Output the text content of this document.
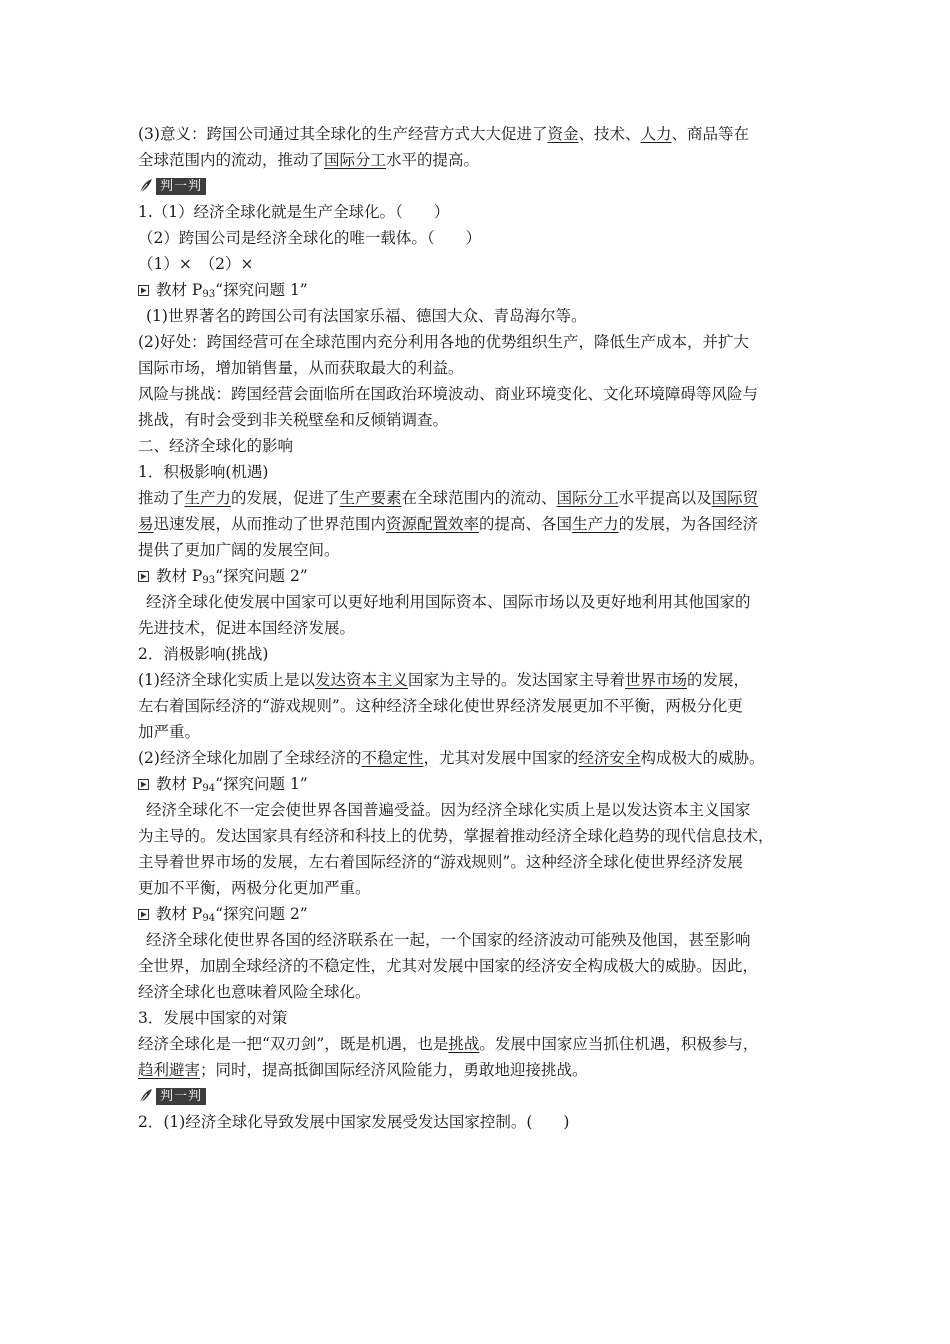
(3)意义：跨国公司通过其全球化的生产经营方式大大促进了资金、技术、人力、商品等在
全球范围内的流动，推动了国际分工水平的提高。
判一判
1.（1）经济全球化就是生产全球化。（　　）
（2）跨国公司是经济全球化的唯一载体。（　　）
（1）×　（2）×
教材 $P_{93}“$探究问题 1”
(1)世界著名的跨国公司有法国家乐福、德国大众、青岛海尔等。
(2)好处：跨国经营可在全球范围内充分利用各地的优势组织生产，降低生产成本，并扩大
国际市场，增加销售量，从而获取最大的利益。
风险与挑战：跨国经营会面临所在国政治环境波动、商业环境变化、文化环境障碍等风险与
挑战，有时会受到非关税壁垒和反倾销调查。
二、经济全球化的影响
1．积极影响(机遇)
推动了生产力的发展，促进了生产要素在全球范围内的流动、国际分工水平提高以及国际贸
易迅速发展，从而推动了世界范围内资源配置效率的提高、各国生产力的发展，为各国经济
提供了更加广阔的发展空间。
教材 $P_{93}“$探究问题 2”
经济全球化使发展中国家可以更好地利用国际资本、国际市场以及更好地利用其他国家的
先进技术，促进本国经济发展。
2．消极影响(挑战)
(1)经济全球化实质上是以发达资本主义国家为主导的。发达国家主导着世界市场的发展，
左右着国际经济的“游戏规则”。这种经济全球化使世界经济发展更加不平衡，两极分化更
加严重。
(2)经济全球化加剧了全球经济的不稳定性，尤其对发展中国家的经济安全构成极大的威胁。
教材 $P_{94}“$探究问题 1”
经济全球化不一定会使世界各国普遍受益。因为经济全球化实质上是以发达资本主义国家
为主导的。发达国家具有经济和科技上的优势，掌握着推动经济全球化趋势的现代信息技术，
主导着世界市场的发展，左右着国际经济的“游戏规则”。这种经济全球化使世界经济发展
更加不平衡，两极分化更加严重。
教材 $P_{94}“$探究问题 2”
经济全球化使世界各国的经济联系在一起，一个国家的经济波动可能殃及他国，甚至影响
全世界，加剧全球经济的不稳定性，尤其对发展中国家的经济安全构成极大的威胁。因此，
经济全球化也意味着风险全球化。
3．发展中国家的对策
经济全球化是一把“双刃剑”，既是机遇，也是挑战。发展中国家应当抓住机遇，积极参与，
趋利避害；同时，提高抵御国际经济风险能力，勇敢地迎接挑战。
判一判
2．(1)经济全球化导致发展中国家发展受发达国家控制。(　　)
